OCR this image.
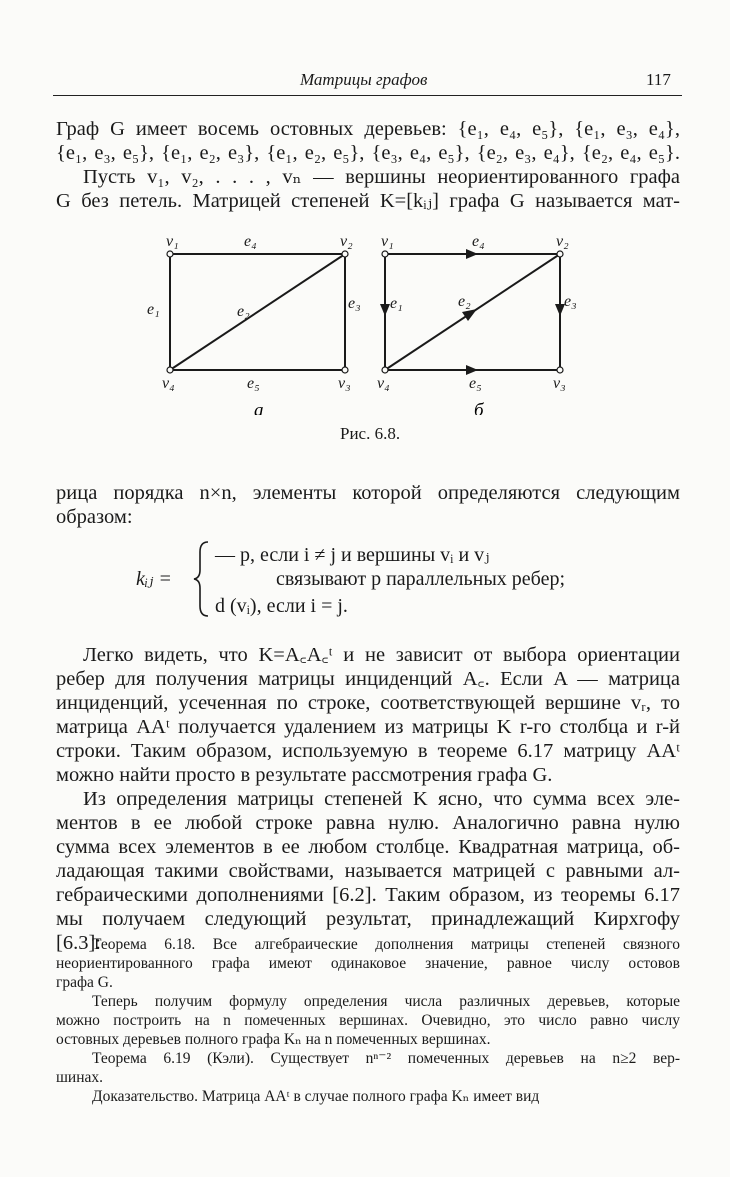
Матрицы графов	117
Граф G имеет восемь остовных деревьев: {e₁, e₄, e₅}, {e₁, e₃, e₄},
{e₁, e₃, e₅}, {e₁, e₂, e₃}, {e₁, e₂, e₅}, {e₃, e₄, e₅}, {e₂, e₃, e₄}, {e₂, e₄, e₅}.
Пусть v₁, v₂, . . . , vₙ — вершины неориентированного графа
G без петель. Матрицей степеней K=[kᵢⱼ] графа G называется мат-
v₁	v₂
v₃
v₄
e₁	e₂	e₃
e₄
e₅
а
v₁	v₂
v₃
v₄
e₁	e₂	e₃
e₄
e₅
б
Рис. 6.8.
рица порядка n×n, элементы которой определяются следующим
образом:
kᵢⱼ =
— p, если i ≠ j и вершины vᵢ и vⱼ
связывают p параллельных ребер;
d (vᵢ), если i = j.
Легко видеть, что K=A꜀A꜀ᵗ и не зависит от выбора ориентации
ребер для получения матрицы инциденций A꜀. Если A — матрица
инциденций, усеченная по строке, соответствующей вершине vᵣ, то
матрица AAᵗ получается удалением из матрицы K r-го столбца и r-й
строки. Таким образом, используемую в теореме 6.17 матрицу AAᵗ
можно найти просто в результате рассмотрения графа G.
Из определения матрицы степеней K ясно, что сумма всех эле-
ментов в ее любой строке равна нулю. Аналогично равна нулю
сумма всех элементов в ее любом столбце. Квадратная матрица, об-
ладающая такими свойствами, называется матрицей с равными ал-
гебраическими дополнениями [6.2]. Таким образом, из теоремы 6.17
мы получаем следующий результат, принадлежащий Кирхгофу
[6.3]:
Теорема 6.18. Все алгебраические дополнения матрицы степеней связного
неориентированного графа имеют одинаковое значение, равное числу остовов
графа G.
Теперь получим формулу определения числа различных деревьев, которые
можно построить на n помеченных вершинах. Очевидно, это число равно числу
остовных деревьев полного графа Kₙ на n помеченных вершинах.
Теорема 6.19 (Кэли). Существует nⁿ⁻² помеченных деревьев на n≥2 вер-
шинах.
Доказательство. Матрица AAᵗ в случае полного графа Kₙ имеет вид
